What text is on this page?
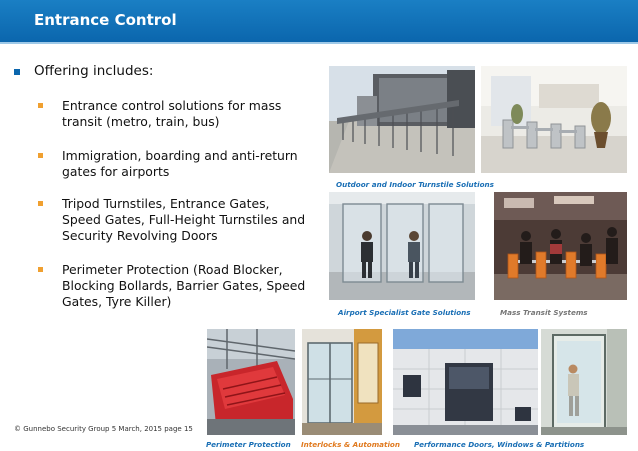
Entrance Control
Offering includes:
Entrance control solutions for mass transit (metro, train, bus)
Immigration, boarding and anti-return gates for airports
Tripod Turnstiles, Entrance Gates, Speed Gates, Full-Height Turnstiles and Security Revolving Doors
Perimeter Protection (Road Blocker, Blocking Bollards, Barrier Gates, Speed Gates, Tyre Killer)
Outdoor and Indoor Turnstile Solutions
Airport Specialist Gate Solutions	Mass Transit Systems
Perimeter Protection Interlocks & Automation Performance Doors, Windows & Partitions
© Gunnebo Security Group 5 March, 2015 page 15
